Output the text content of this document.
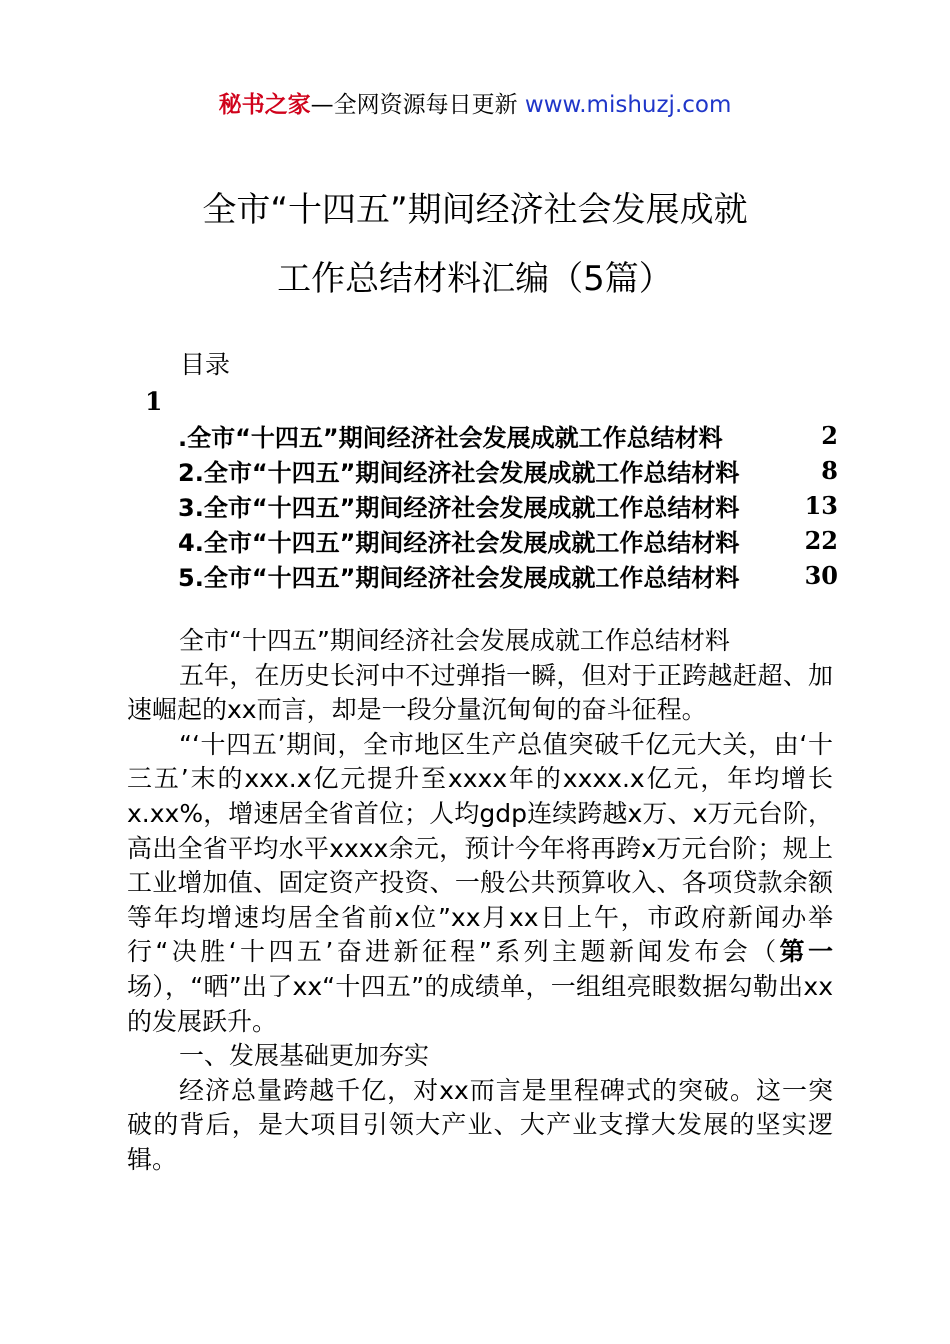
秘书之家—全网资源每日更新 www.mishuzj.com
全市“十四五”期间经济社会发展成就
工作总结材料汇编（5篇）
目录
1
.全市“十四五”期间经济社会发展成就工作总结材料	2
2.全市“十四五”期间经济社会发展成就工作总结材料	8
3.全市“十四五”期间经济社会发展成就工作总结材料	13
4.全市“十四五”期间经济社会发展成就工作总结材料	22
5.全市“十四五”期间经济社会发展成就工作总结材料	30

全市“十四五”期间经济社会发展成就工作总结材料

五年，在历史长河中不过弹指一瞬，但对于正跨越赶超、加速崛起的xx而言，却是一段分量沉甸甸的奋斗征程。

“‘十四五’期间，全市地区生产总值突破千亿元大关，由‘十三五’末的xxx.x亿元提升至xxxx年的xxxx.x亿元，年均增长x.xx%，增速居全省首位；人均gdp连续跨越x万、x万元台阶，高出全省平均水平xxxx余元，预计今年将再跨x万元台阶；规上工业增加值、固定资产投资、一般公共预算收入、各项贷款余额等年均增速均居全省前x位”xx月xx日上午，市政府新闻办举行“决胜‘十四五’奋进新征程”系列主题新闻发布会（第一场），“晒”出了xx“十四五”的成绩单，一组组亮眼数据勾勒出xx的发展跃升。

一、发展基础更加夯实

经济总量跨越千亿，对xx而言是里程碑式的突破。这一突破的背后，是大项目引领大产业、大产业支撑大发展的坚实逻辑。
